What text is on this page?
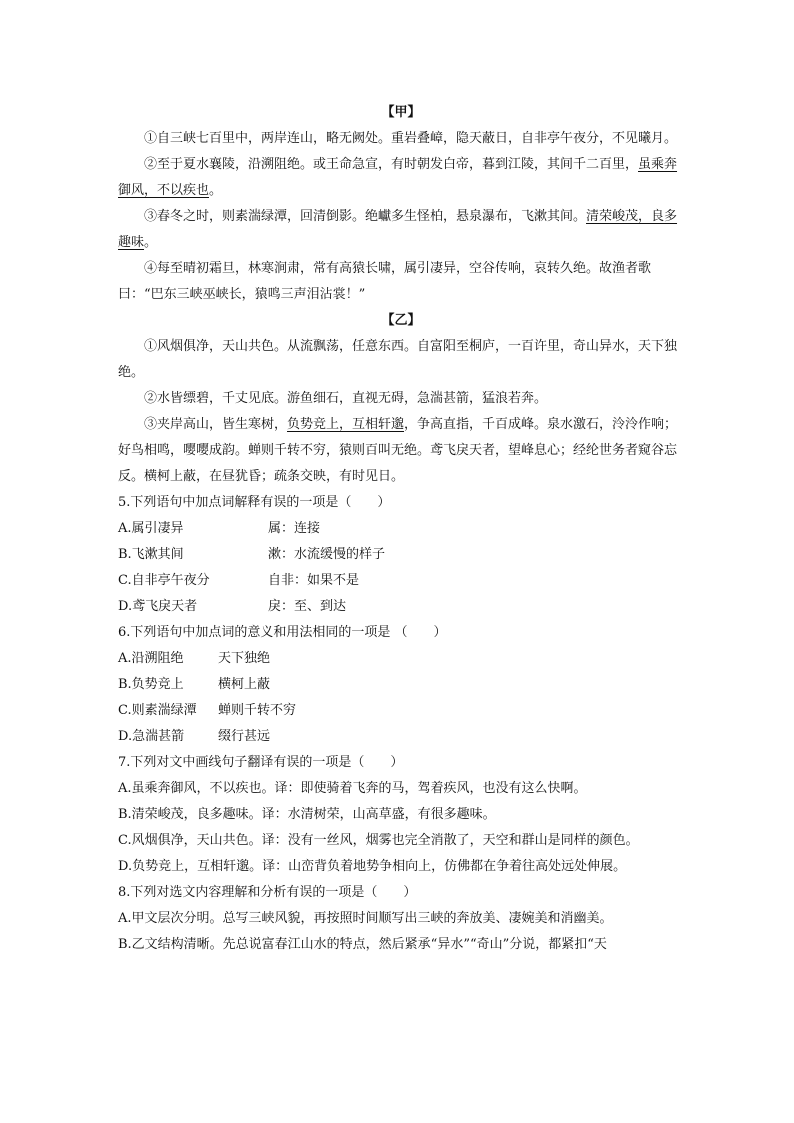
【甲】

①自三峡七百里中，两岸连山，略无阙处。重岩叠嶂，隐天蔽日，自非亭午夜分，不见曦月。

②至于夏水襄陵，沿溯阻绝。或王命急宣，有时朝发白帝，暮到江陵，其间千二百里，虽乘奔御风，不以疾也。

③春冬之时，则素湍绿潭，回清倒影。绝巘多生怪柏，悬泉瀑布，飞漱其间。清荣峻茂，良多趣味。

④每至晴初霜旦，林寒涧肃，常有高猿长啸，属引凄异，空谷传响，哀转久绝。故渔者歌曰：“巴东三峡巫峡长，猿鸣三声泪沾裳！”

【乙】

①风烟俱净，天山共色。从流飘荡，任意东西。自富阳至桐庐，一百许里，奇山异水，天下独绝。

②水皆缥碧，千丈见底。游鱼细石，直视无碍，急湍甚箭，猛浪若奔。

③夹岸高山，皆生寒树，负势竞上，互相轩邈，争高直指，千百成峰。泉水激石，泠泠作响；好鸟相鸣，嘤嘤成韵。蝉则千转不穷，猿则百叫无绝。鸢飞戾天者，望峰息心；经纶世务者窥谷忘反。横柯上蔽，在昼犹昏；疏条交映，有时见日。

5.下列语句中加点词解释有误的一项是（　　）

A.属引凄异	属：连接

B.飞漱其间	漱：水流缓慢的样子

C.自非亭午夜分	自非：如果不是

D.鸢飞戾天者	戾：至、到达

6.下列语句中加点词的意义和用法相同的一项是 （　　）

A.沿溯阻绝	天下独绝

B.负势竞上	横柯上蔽

C.则素湍绿潭 蝉则千转不穷

D.急湍甚箭	缀行甚远

7.下列对文中画线句子翻译有误的一项是（　　）

A.虽乘奔御风，不以疾也。译：即使骑着飞奔的马，驾着疾风，也没有这么快啊。

B.清荣峻茂，良多趣味。译：水清树荣，山高草盛，有很多趣味。

C.风烟俱净，天山共色。译：没有一丝风，烟雾也完全消散了，天空和群山是同样的颜色。

D.负势竞上，互相轩邈。译：山峦背负着地势争相向上，仿佛都在争着往高处远处伸展。

8.下列对选文内容理解和分析有误的一项是（　　）

A.甲文层次分明。总写三峡风貌，再按照时间顺写出三峡的奔放美、凄婉美和消幽美。

B.乙文结构清晰。先总说富春江山水的特点，然后紧承“异水”“奇山”分说，都紧扣“天
